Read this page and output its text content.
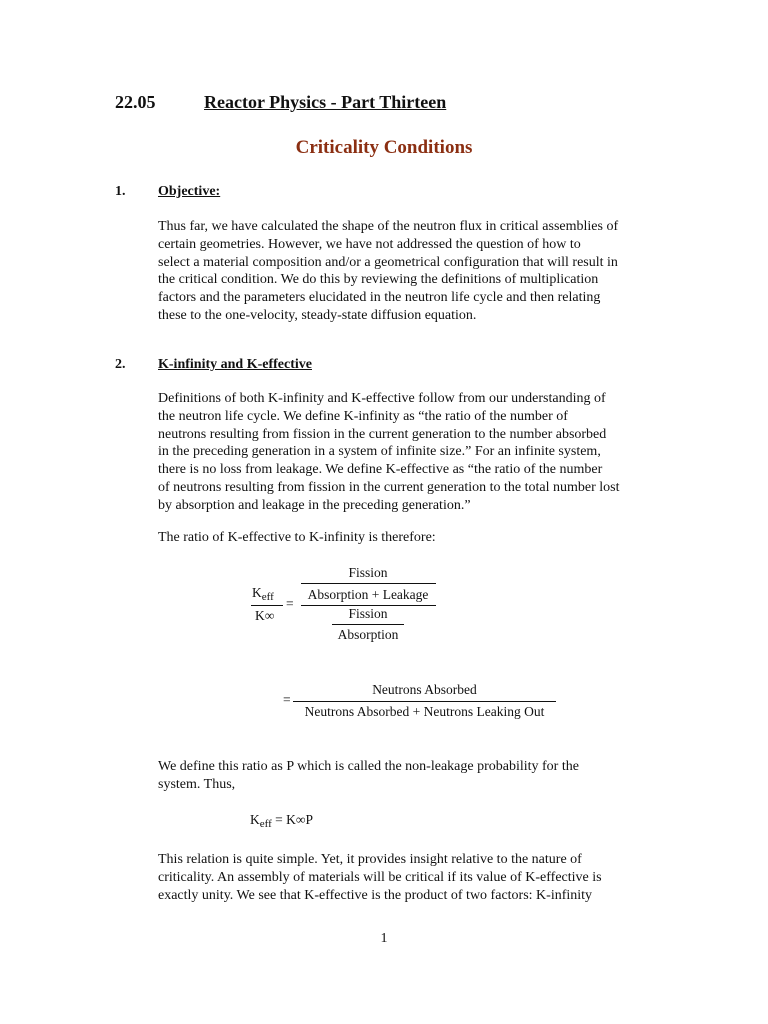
22.05	Reactor Physics - Part Thirteen
Criticality Conditions
1. Objective:
Thus far, we have calculated the shape of the neutron flux in critical assemblies of
certain geometries. However, we have not addressed the question of how to
select a material composition and/or a geometrical configuration that will result in
the critical condition. We do this by reviewing the definitions of multiplication
factors and the parameters elucidated in the neutron life cycle and then relating
these to the one-velocity, steady-state diffusion equation.
2. K-infinity and K-effective
Definitions of both K-infinity and K-effective follow from our understanding of
the neutron life cycle. We define K-infinity as “the ratio of the number of
neutrons resulting from fission in the current generation to the number absorbed
in the preceding generation in a system of infinite size.” For an infinite system,
there is no loss from leakage. We define K-effective as “the ratio of the number
of neutrons resulting from fission in the current generation to the total number lost
by absorption and leakage in the preceding generation.”
The ratio of K-effective to K-infinity is therefore:
$K_{eff}$
K∞
=
Fission
Absorption + Leakage
Fission
Absorption
=
Neutrons Absorbed
Neutrons Absorbed + Neutrons Leaking Out
We define this ratio as P which is called the non-leakage probability for the
system. Thus,
$K_{eff} = K\infty P$
This relation is quite simple. Yet, it provides insight relative to the nature of
criticality. An assembly of materials will be critical if its value of K-effective is
exactly unity. We see that K-effective is the product of two factors: K-infinity
1
